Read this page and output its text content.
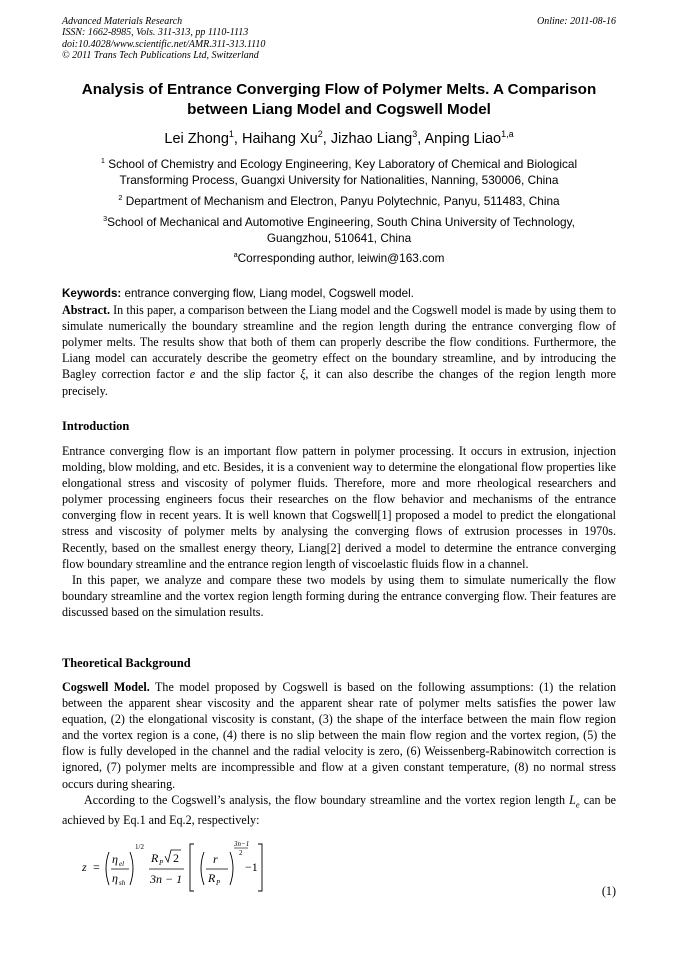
Advanced Materials Research
ISSN: 1662-8985, Vols. 311-313, pp 1110-1113
doi:10.4028/www.scientific.net/AMR.311-313.1110
© 2011 Trans Tech Publications Ltd, Switzerland
Online: 2011-08-16
Analysis of Entrance Converging Flow of Polymer Melts. A Comparison
between Liang Model and Cogswell Model
Lei Zhong$^1$, Haihang Xu$^2$, Jizhao Liang$^3$, Anping Liao$^{1,a}$
$^1$ School of Chemistry and Ecology Engineering, Key Laboratory of Chemical and Biological
Transforming Process, Guangxi University for Nationalities, Nanning, 530006, China
$^2$ Department of Mechanism and Electron, Panyu Polytechnic, Panyu, 511483, China
$^3$School of Mechanical and Automotive Engineering, South China University of Technology,
Guangzhou, 510641, China
$^a$Corresponding author, leiwin@163.com
Keywords: entrance converging flow, Liang model, Cogswell model.
Abstract. In this paper, a comparison between the Liang model and the Cogswell model is made by using them to simulate numerically the boundary streamline and the region length during the entrance converging flow of polymer melts. The results show that both of them can properly describe the flow conditions. Furthermore, the Liang model can accurately describe the geometry effect on the boundary streamline, and by introducing the Bagley correction factor e and the slip factor ξ, it can also describe the changes of the region length more precisely.
Introduction
Entrance converging flow is an important flow pattern in polymer processing. It occurs in extrusion, injection molding, blow molding, and etc. Besides, it is a convenient way to determine the elongational flow properties like elongational stress and viscosity of polymer fluids. Therefore, more and more rheological researchers and polymer processing engineers focus their researches on the flow behavior and mechanisms of the entrance converging flow in recent years. It is well known that Cogswell[1] proposed a model to predict the elongational stress and viscosity of polymer melts by analysing the converging flows of extrusion processes in 1970s. Recently, based on the smallest energy theory, Liang[2] derived a model to determine the entrance converging flow boundary streamline and the entrance region length of viscoelastic fluids flow in a channel.
In this paper, we analyze and compare these two models by using them to simulate numerically the flow boundary streamline and the vortex region length forming during the entrance converging flow. Their features are discussed based on the simulation results.
Theoretical Background
Cogswell Model. The model proposed by Cogswell is based on the following assumptions: (1) the relation between the apparent shear viscosity and the apparent shear rate of polymer melts satisfies the power law equation, (2) the elongational viscosity is constant, (3) the shape of the interface between the main flow region and the vortex region is a cone, (4) there is no slip between the main flow region and the vortex region, (5) the flow is fully developed in the channel and the radial velocity is zero, (6) Weissenberg-Rabinowitch correction is ignored, (7) polymer melts are incompressible and flow at a given constant temperature, (8) no normal stress occurs during shearing.
According to the Cogswell’s analysis, the flow boundary streamline and the vortex region length $L_e$ can be achieved by Eq.1 and Eq.2, respectively:
z =
η el
η sh
1/2
R P 2
3n − 1
r
R P
3n−1
2
−1
(1)
